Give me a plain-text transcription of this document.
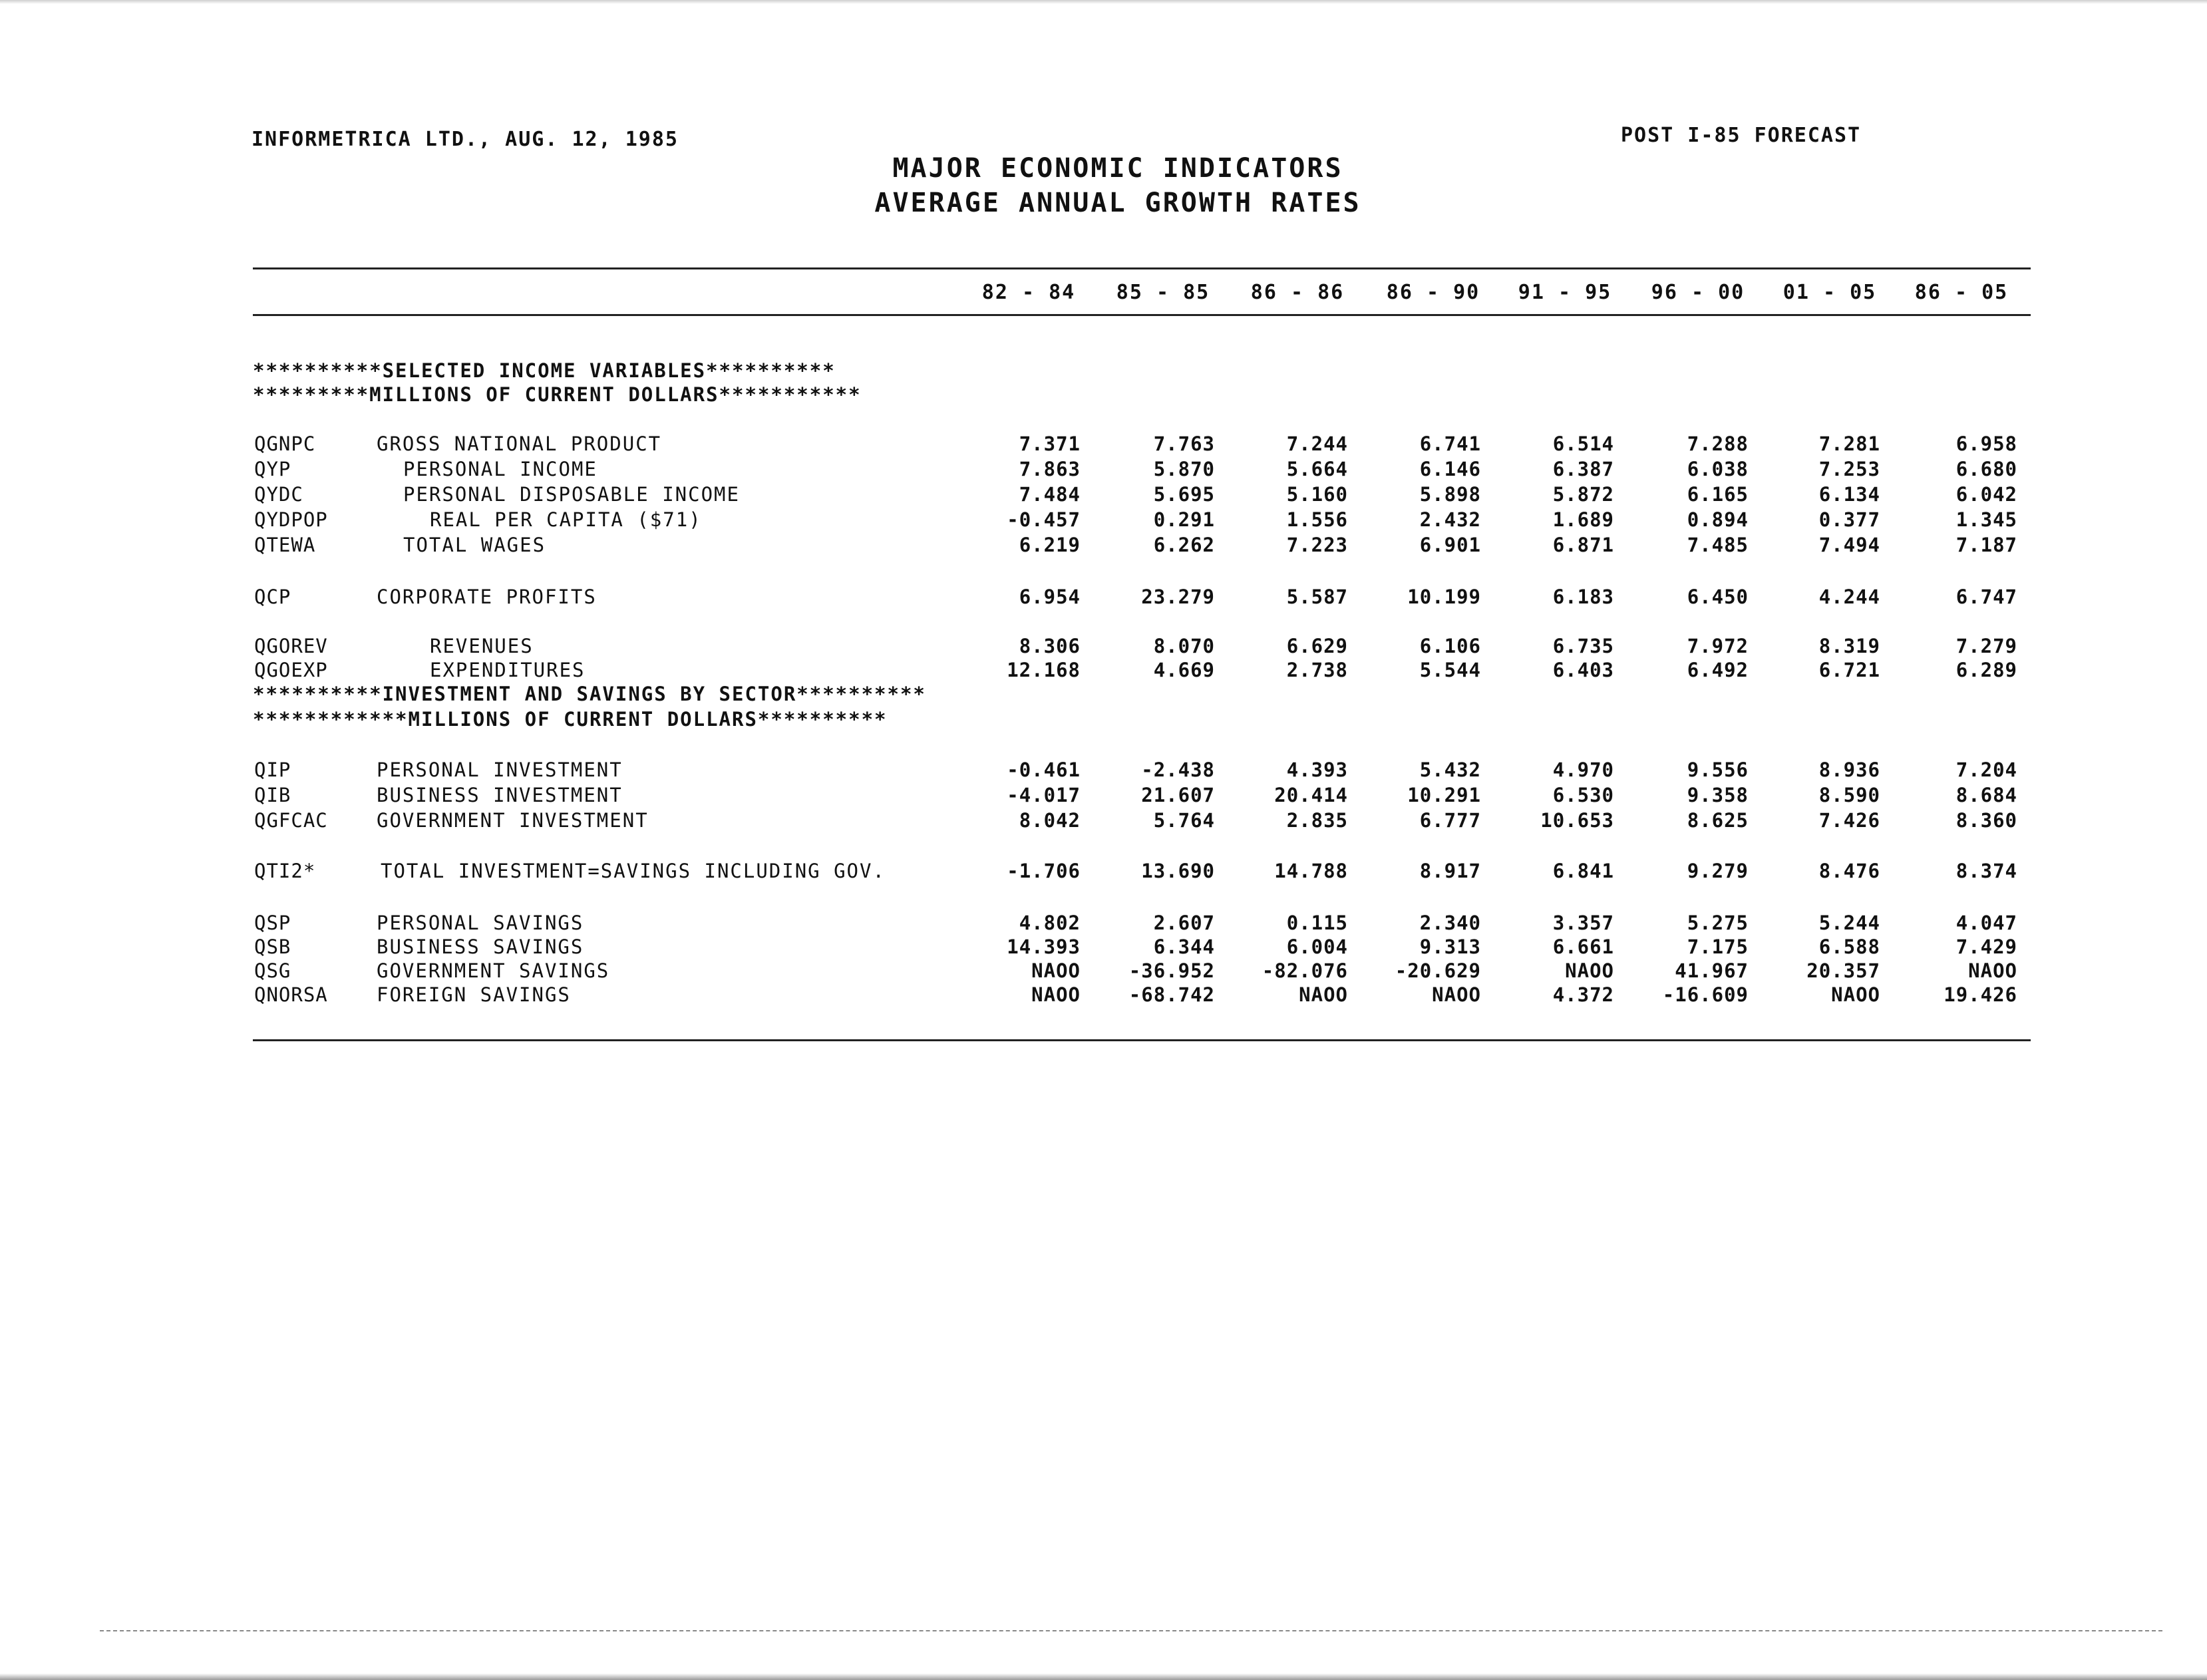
INFORMETRICA LTD., AUG. 12, 1985	POST I-85 FORECAST
MAJOR ECONOMIC INDICATORS
AVERAGE ANNUAL GROWTH RATES
82 - 84	85 - 85	86 - 86	86 - 90	91 - 95	96 - 00	01 - 05	86 - 05
**********SELECTED INCOME VARIABLES**********
*********MILLIONS OF CURRENT DOLLARS***********
**********INVESTMENT AND SAVINGS BY SECTOR**********
************MILLIONS OF CURRENT DOLLARS**********
QGNPC	GROSS NATIONAL PRODUCT	7.371	7.763	7.244	6.741	6.514	7.288	7.281	6.958
QYP	PERSONAL INCOME	7.863	5.870	5.664	6.146	6.387	6.038	7.253	6.680
QYDC	PERSONAL DISPOSABLE INCOME	7.484	5.695	5.160	5.898	5.872	6.165	6.134	6.042
QYDPOP	REAL PER CAPITA ($71)	-0.457	0.291	1.556	2.432	1.689	0.894	0.377	1.345
QTEWA	TOTAL WAGES	6.219	6.262	7.223	6.901	6.871	7.485	7.494	7.187
QCP	CORPORATE PROFITS	6.954	23.279	5.587	10.199	6.183	6.450	4.244	6.747
QGOREV	REVENUES	8.306	8.070	6.629	6.106	6.735	7.972	8.319	7.279
QGOEXP	EXPENDITURES	12.168	4.669	2.738	5.544	6.403	6.492	6.721	6.289
QIP	PERSONAL INVESTMENT	-0.461	-2.438	4.393	5.432	4.970	9.556	8.936	7.204
QIB	BUSINESS INVESTMENT	-4.017	21.607	20.414	10.291	6.530	9.358	8.590	8.684
QGFCAC	GOVERNMENT INVESTMENT	8.042	5.764	2.835	6.777	10.653	8.625	7.426	8.360
QTI2*	TOTAL INVESTMENT=SAVINGS INCLUDING GOV.	-1.706	13.690	14.788	8.917	6.841	9.279	8.476	8.374
QSP	PERSONAL SAVINGS	4.802	2.607	0.115	2.340	3.357	5.275	5.244	4.047
QSB	BUSINESS SAVINGS	14.393	6.344	6.004	9.313	6.661	7.175	6.588	7.429
QSG	GOVERNMENT SAVINGS	NAOO	-36.952	-82.076	-20.629	NAOO	41.967	20.357	NAOO
QNORSA	FOREIGN SAVINGS	NAOO	-68.742	NAOO	NAOO	4.372	-16.609	NAOO	19.426
